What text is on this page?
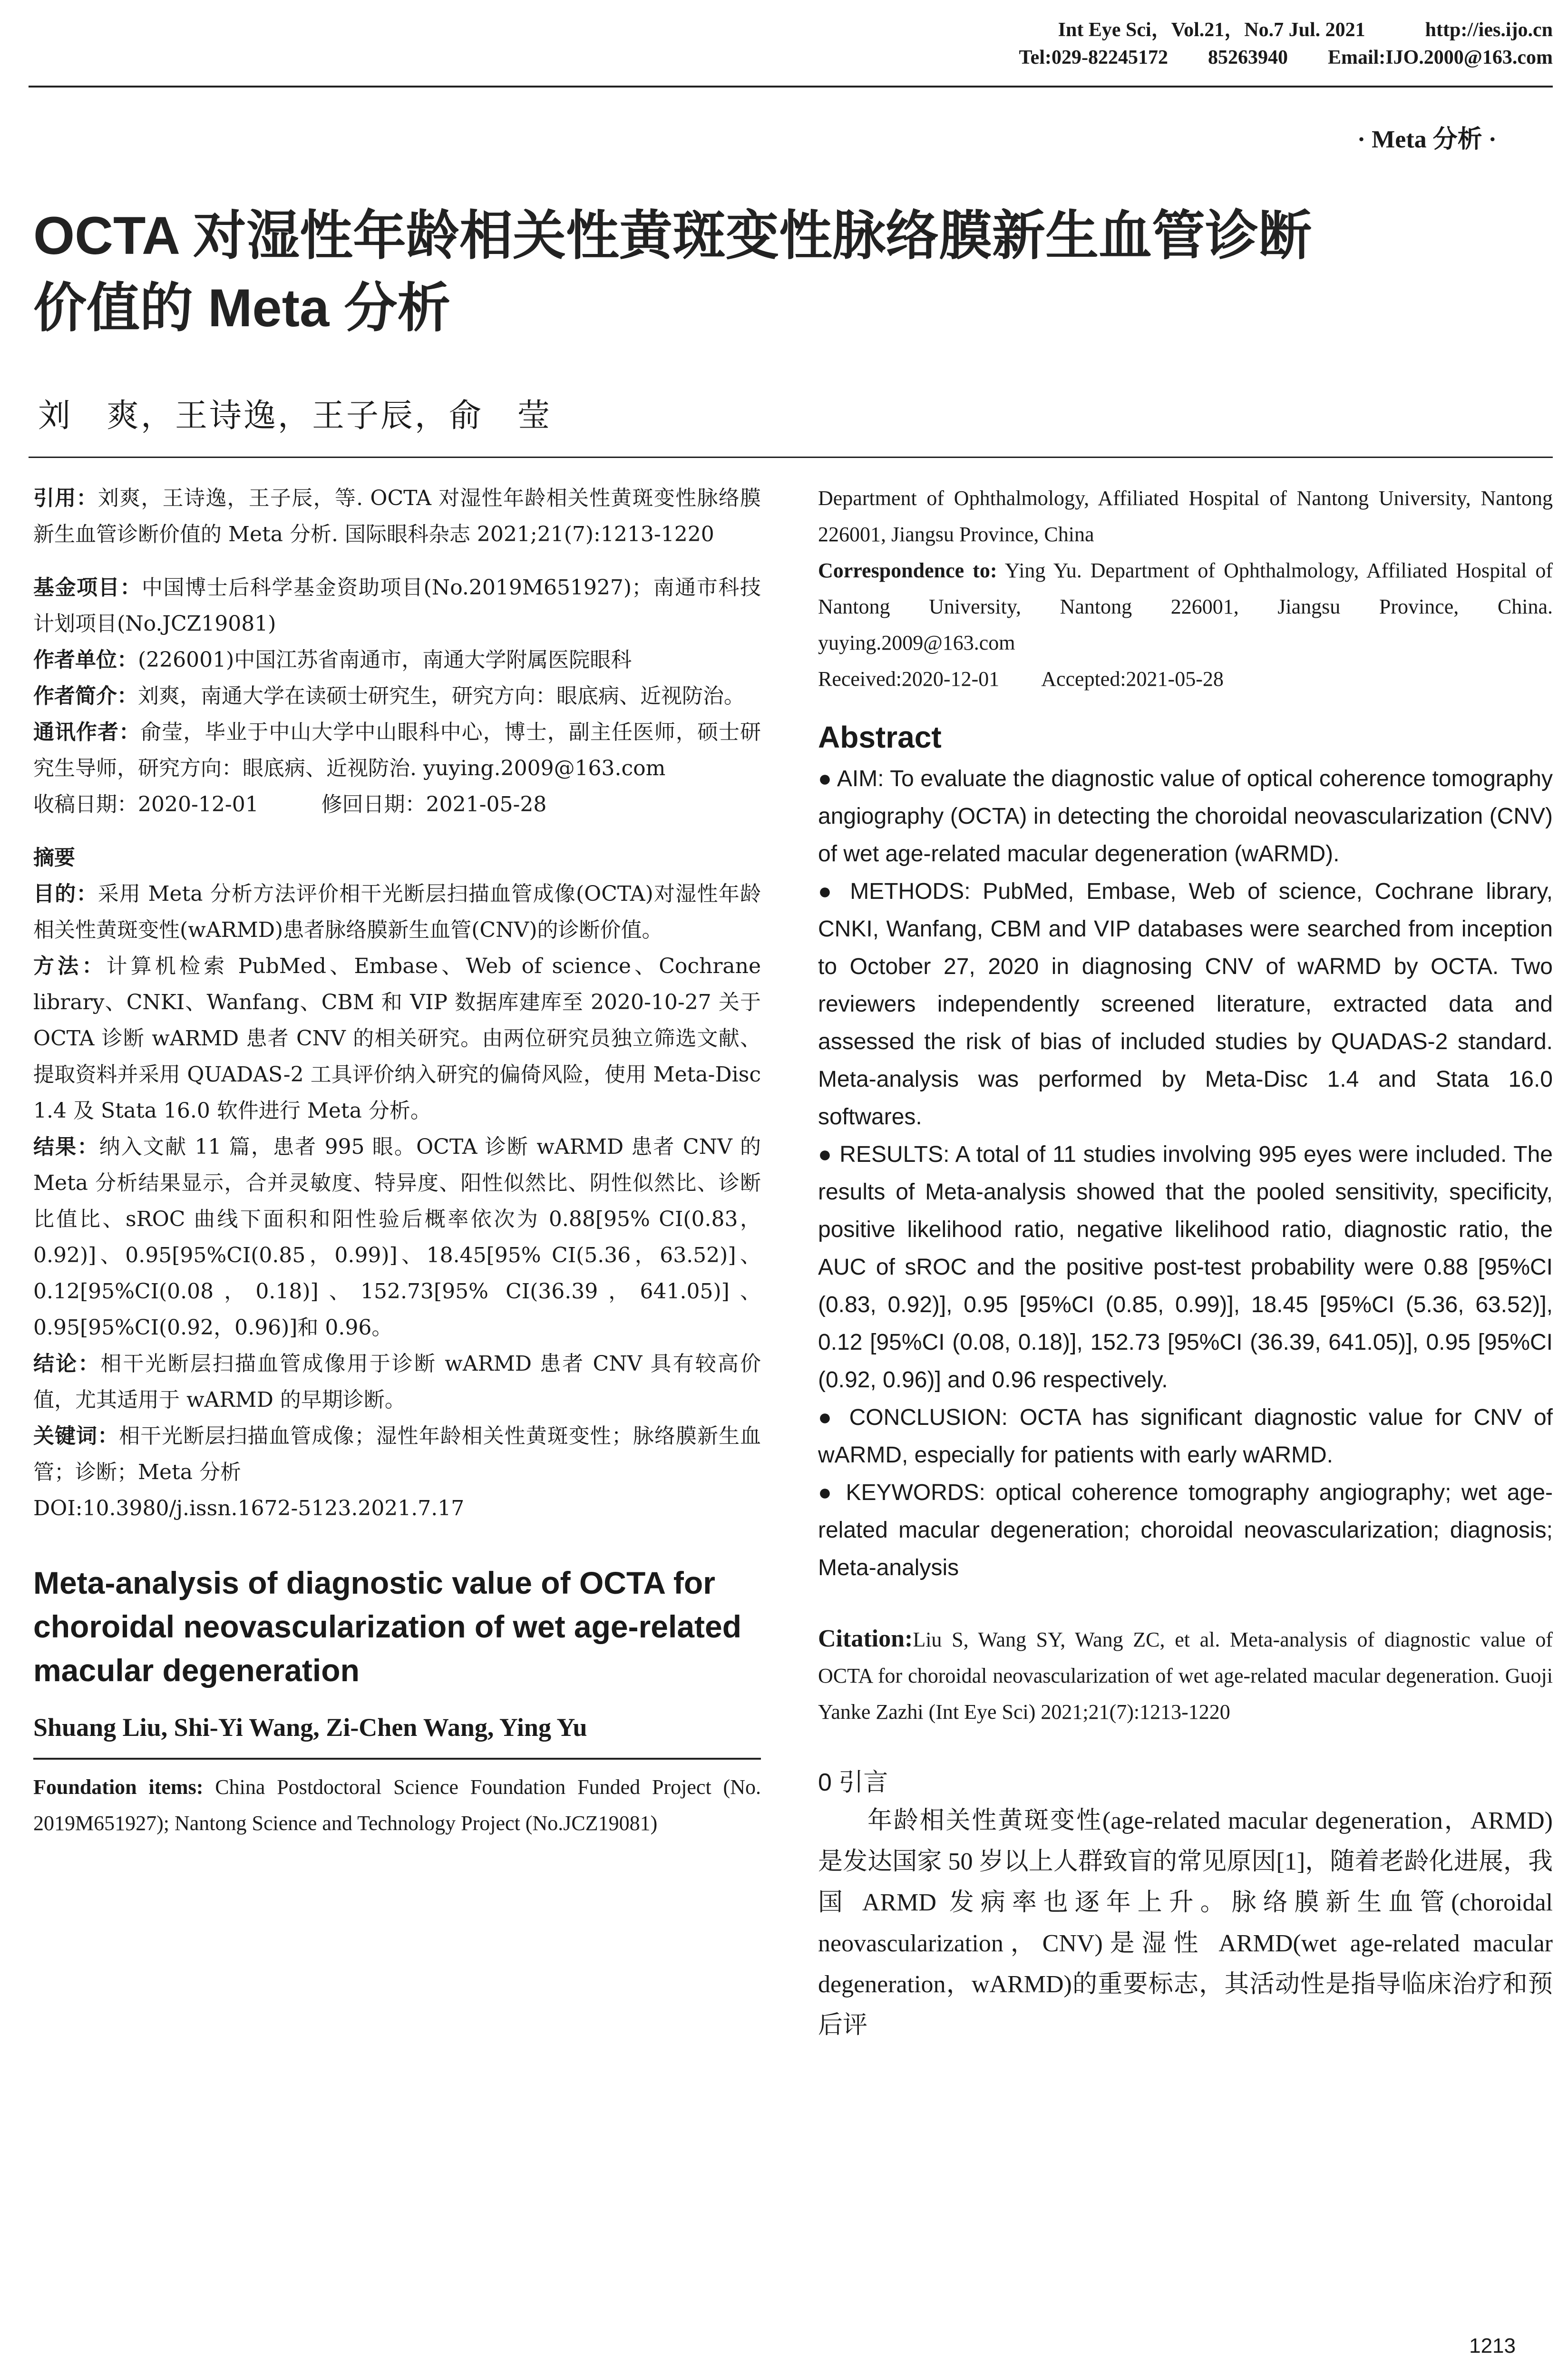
Int Eye Sci，Vol.21，No.7 Jul. 2021　　　	http://ies.ijo.cn
Tel:029-82245172　　85263940　　Email:IJO.2000@163.com
· Meta 分析 ·
OCTA 对湿性年龄相关性黄斑变性脉络膜新生血管诊断
价值的 Meta 分析
刘　爽，王诗逸，王子辰，俞　莹

引用：刘爽，王诗逸，王子辰，等. OCTA 对湿性年龄相关性黄斑变性脉络膜新生血管诊断价值的 Meta 分析. 国际眼科杂志 2021;21(7):1213-1220

基金项目：中国博士后科学基金资助项目(No.2019M651927)；南通市科技计划项目(No.JCZ19081)

作者单位：(226001)中国江苏省南通市，南通大学附属医院眼科

作者简介：刘爽，南通大学在读硕士研究生，研究方向：眼底病、近视防治。

通讯作者：俞莹，毕业于中山大学中山眼科中心，博士，副主任医师，硕士研究生导师，研究方向：眼底病、近视防治. yuying.2009@163.com

收稿日期：2020-12-01　　　修回日期：2021-05-28

摘要

目的：采用 Meta 分析方法评价相干光断层扫描血管成像(OCTA)对湿性年龄相关性黄斑变性(wARMD)患者脉络膜新生血管(CNV)的诊断价值。

方法：计算机检索 PubMed、Embase、Web of science、Cochrane library、CNKI、Wanfang、CBM 和 VIP 数据库建库至 2020-10-27 关于 OCTA 诊断 wARMD 患者 CNV 的相关研究。由两位研究员独立筛选文献、提取资料并采用 QUADAS-2 工具评价纳入研究的偏倚风险，使用 Meta-Disc 1.4 及 Stata 16.0 软件进行 Meta 分析。

结果：纳入文献 11 篇，患者 995 眼。OCTA 诊断 wARMD 患者 CNV 的 Meta 分析结果显示，合并灵敏度、特异度、阳性似然比、阴性似然比、诊断比值比、sROC 曲线下面积和阳性验后概率依次为 0.88[95% CI(0.83，0.92)]、0.95[95%CI(0.85，0.99)]、18.45[95% CI(5.36，63.52)]、0.12[95%CI(0.08，0.18)]、152.73[95% CI(36.39，641.05)]、0.95[95%CI(0.92，0.96)]和 0.96。

结论：相干光断层扫描血管成像用于诊断 wARMD 患者 CNV 具有较高价值，尤其适用于 wARMD 的早期诊断。

关键词：相干光断层扫描血管成像；湿性年龄相关性黄斑变性；脉络膜新生血管；诊断；Meta 分析

DOI:10.3980/j.issn.1672-5123.2021.7.17

Meta-analysis of diagnostic value of OCTA for choroidal neovascularization of wet age-related macular degeneration

Shuang Liu, Shi-Yi Wang, Zi-Chen Wang, Ying Yu

Foundation items: China Postdoctoral Science Foundation Funded Project (No. 2019M651927); Nantong Science and Technology Project (No.JCZ19081)

Department of Ophthalmology, Affiliated Hospital of Nantong University, Nantong 226001, Jiangsu Province, China

Correspondence to: Ying Yu. Department of Ophthalmology, Affiliated Hospital of Nantong University, Nantong 226001, Jiangsu Province, China. yuying.2009@163.com

Received:2020-12-01　　Accepted:2021-05-28

Abstract

● AIM: To evaluate the diagnostic value of optical coherence tomography angiography (OCTA) in detecting the choroidal neovascularization (CNV) of wet age-related macular degeneration (wARMD).

● METHODS: PubMed, Embase, Web of science, Cochrane library, CNKI, Wanfang, CBM and VIP databases were searched from inception to October 27, 2020 in diagnosing CNV of wARMD by OCTA. Two reviewers independently screened literature, extracted data and assessed the risk of bias of included studies by QUADAS-2 standard. Meta-analysis was performed by Meta-Disc 1.4 and Stata 16.0 softwares.

● RESULTS: A total of 11 studies involving 995 eyes were included. The results of Meta-analysis showed that the pooled sensitivity, specificity, positive likelihood ratio, negative likelihood ratio, diagnostic ratio, the AUC of sROC and the positive post-test probability were 0.88 [95%CI (0.83, 0.92)], 0.95 [95%CI (0.85, 0.99)], 18.45 [95%CI (5.36, 63.52)], 0.12 [95%CI (0.08, 0.18)], 152.73 [95%CI (36.39, 641.05)], 0.95 [95%CI (0.92, 0.96)] and 0.96 respectively.

● CONCLUSION: OCTA has significant diagnostic value for CNV of wARMD, especially for patients with early wARMD.

● KEYWORDS: optical coherence tomography angiography; wet age-related macular degeneration; choroidal neovascularization; diagnosis; Meta-analysis

Citation:Liu S, Wang SY, Wang ZC, et al. Meta-analysis of diagnostic value of OCTA for choroidal neovascularization of wet age-related macular degeneration. Guoji Yanke Zazhi (Int Eye Sci) 2021;21(7):1213-1220

0 引言

年龄相关性黄斑变性(age-related macular degeneration，ARMD)是发达国家 50 岁以上人群致盲的常见原因[1]，随着老龄化进展，我国 ARMD 发病率也逐年上升。脉络膜新生血管(choroidal neovascularization，CNV)是湿性 ARMD(wet age-related macular degeneration，wARMD)的重要标志，其活动性是指导临床治疗和预后评

1213
